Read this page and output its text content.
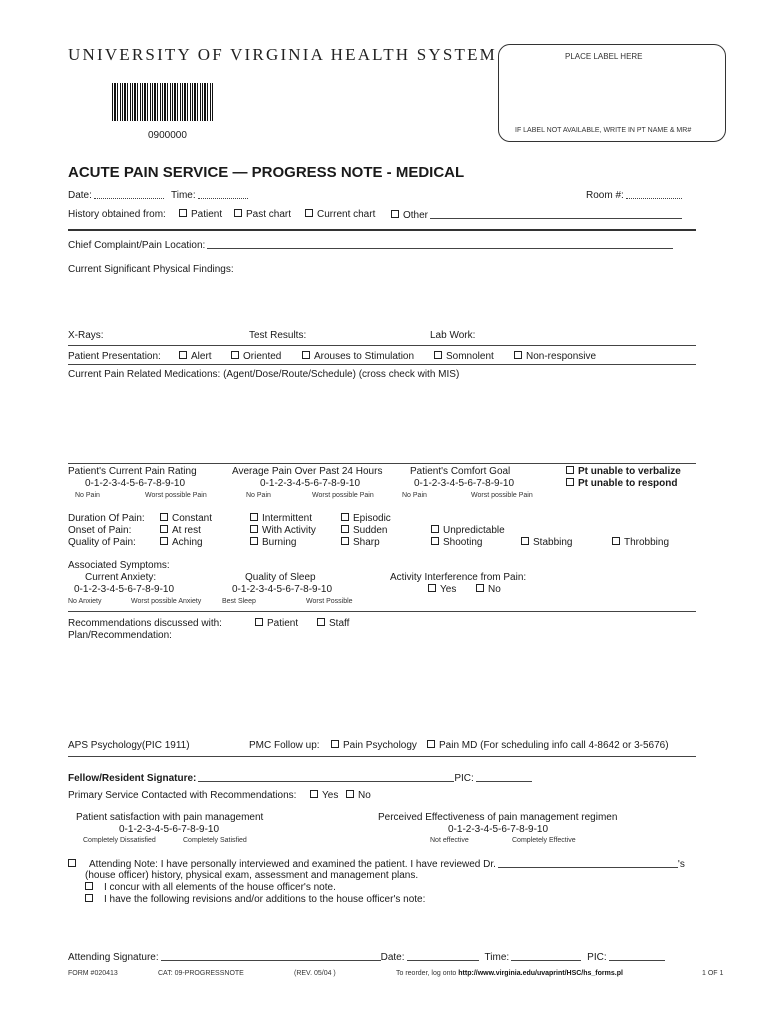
UNIVERSITY OF VIRGINIA HEALTH SYSTEM
0900000
PLACE LABEL HERE
IF LABEL NOT AVAILABLE, WRITE IN PT NAME & MR#
ACUTE PAIN SERVICE — PROGRESS NOTE - MEDICAL
Date:	Time:	Room #:
History obtained from:	Patient	Past chart	Current chart	Other
Chief Complaint/Pain Location:
Current Significant Physical Findings:
X-Rays:	Test Results:	Lab Work:
Patient Presentation:	Alert	Oriented	Arouses to Stimulation	Somnolent	Non-responsive
Current Pain Related Medications: (Agent/Dose/Route/Schedule) (cross check with MIS)
Patient's Current Pain Rating
0-1-2-3-4-5-6-7-8-9-10
No Pain	Worst possible Pain
Average Pain Over Past 24 Hours
0-1-2-3-4-5-6-7-8-9-10
No Pain	Worst possible Pain
Patient's Comfort Goal
0-1-2-3-4-5-6-7-8-9-10
No Pain	Worst possible Pain
Pt unable to verbalize
Pt unable to respond
Duration Of Pain:	Constant	Intermittent	Episodic
Onset of Pain:	At rest	With Activity	Sudden	Unpredictable
Quality of Pain:	Aching	Burning	Sharp	Shooting	Stabbing	Throbbing
Associated Symptoms:
Current Anxiety:
0-1-2-3-4-5-6-7-8-9-10
No Anxiety	Worst possible Anxiety
Quality of Sleep
0-1-2-3-4-5-6-7-8-9-10
Best Sleep	Worst Possible
Activity Interference from Pain:
Yes	No
Recommendations discussed with:	Patient	Staff
Plan/Recommendation:
APS Psychology(PIC 1911)	PMC Follow up:	Pain Psychology	Pain MD (For scheduling info call 4-8642 or 3-5676)
Fellow/Resident Signature:	PIC:
Primary Service Contacted with Recommendations:	Yes	No
Patient satisfaction with pain management
0-1-2-3-4-5-6-7-8-9-10
Completely Dissatisfied	Completely Satisfied
Perceived Effectiveness of pain management regimen
0-1-2-3-4-5-6-7-8-9-10
Not effective	Completely Effective
Attending Note: I have personally interviewed and examined the patient. I have reviewed Dr.	's
(house officer) history, physical exam, assessment and management plans.
I concur with all elements of the house officer's note.
I have the following revisions and/or additions to the house officer's note:
Attending Signature:	Date:	Time:	PIC:
FORM #020413	CAT: 09-PROGRESSNOTE	(REV. 05/04 )	To reorder, log onto http://www.virginia.edu/uvaprint/HSC/hs_forms.pl	1 OF 1
